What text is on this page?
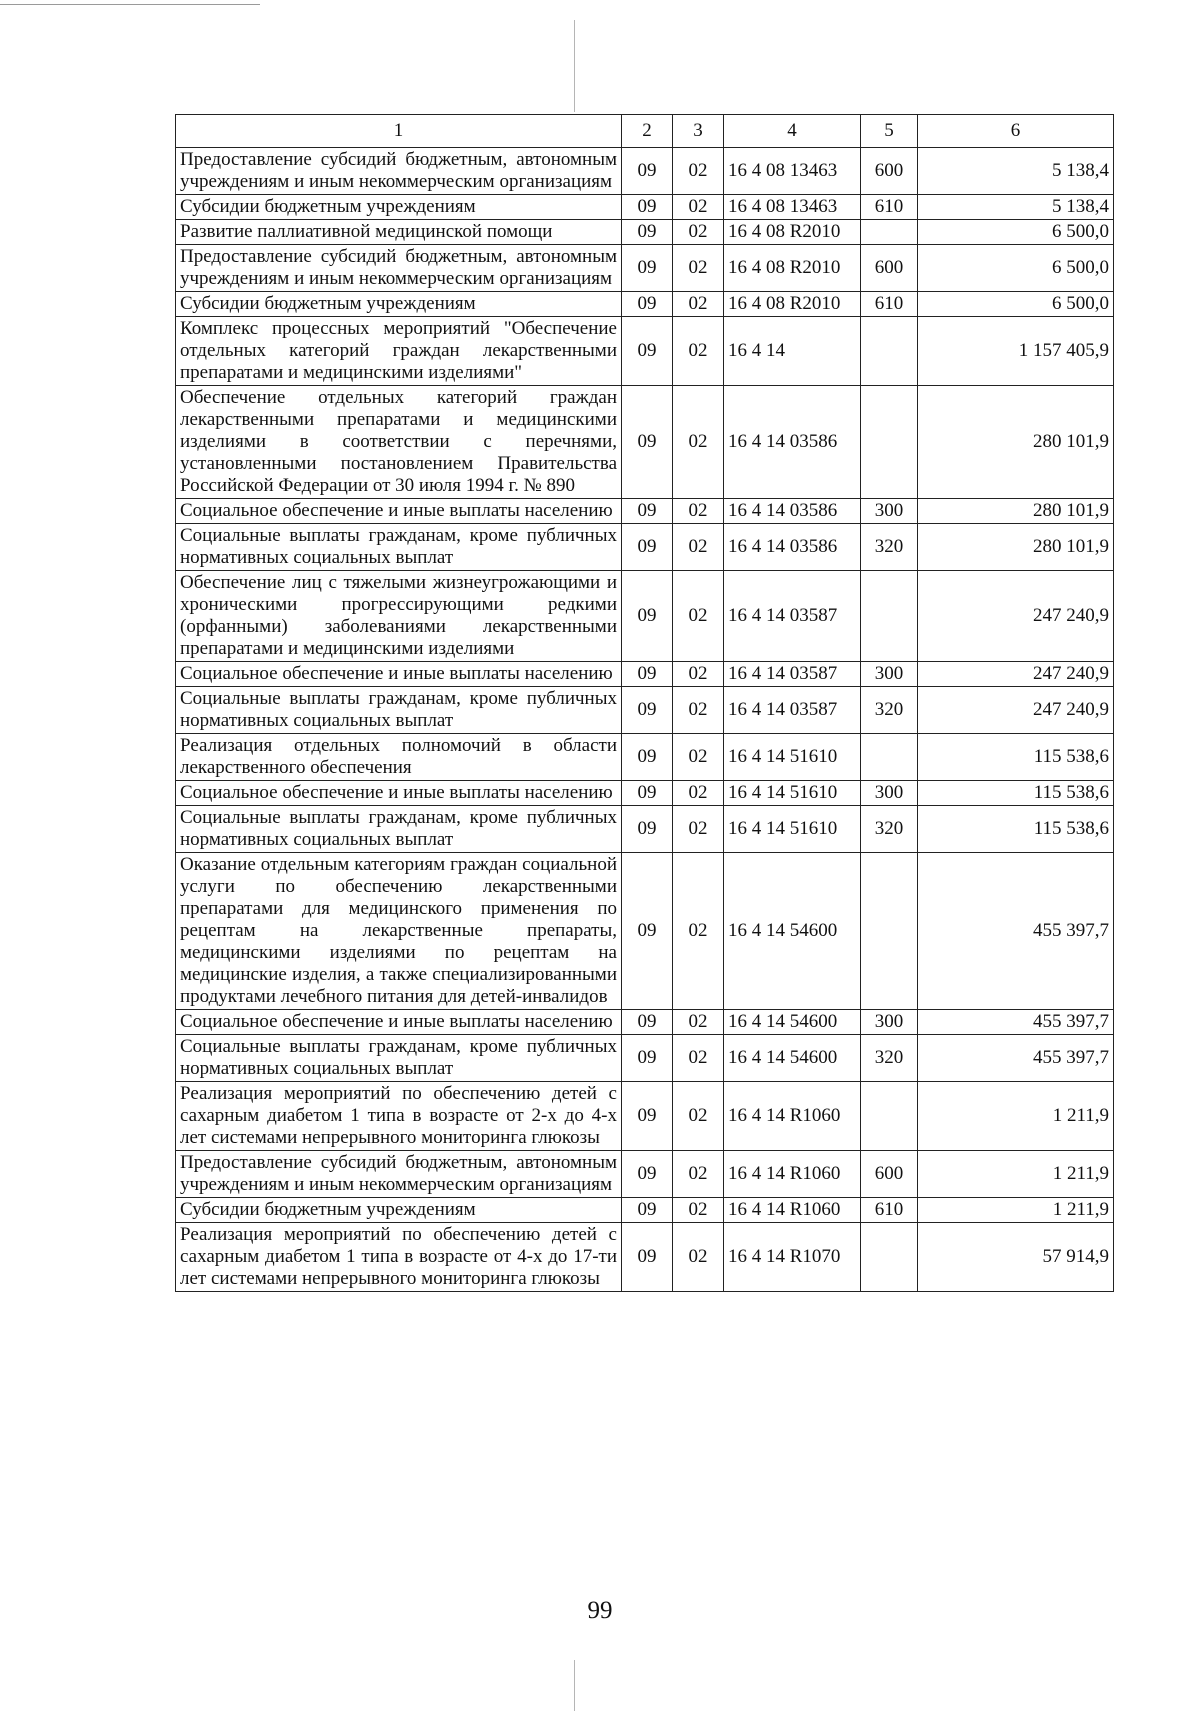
1	2	3	4	5	6
Предоставление субсидий бюджетным, автономным учреждениям и иным некоммерческим организациям	09	02	16 4 08 13463	600	5 138,4
Субсидии бюджетным учреждениям	09	02	16 4 08 13463	610	5 138,4
Развитие паллиативной медицинской помощи	09	02	16 4 08 R2010		6 500,0
Предоставление субсидий бюджетным, автономным учреждениям и иным некоммерческим организациям	09	02	16 4 08 R2010	600	6 500,0
Субсидии бюджетным учреждениям	09	02	16 4 08 R2010	610	6 500,0
Комплекс процессных мероприятий "Обеспечение отдельных категорий граждан лекарственными препаратами и медицинскими изделиями"	09	02	16 4 14		1 157 405,9
Обеспечение отдельных категорий граждан лекарственными препаратами и медицинскими изделиями в соответствии с перечнями, установленными постановлением Правительства Российской Федерации от 30 июля 1994 г. № 890	09	02	16 4 14 03586		280 101,9
Социальное обеспечение и иные выплаты населению	09	02	16 4 14 03586	300	280 101,9
Социальные выплаты гражданам, кроме публичных нормативных социальных выплат	09	02	16 4 14 03586	320	280 101,9
Обеспечение лиц с тяжелыми жизнеугрожающими и хроническими прогрессирующими редкими (орфанными) заболеваниями лекарственными препаратами и медицинскими изделиями	09	02	16 4 14 03587		247 240,9
Социальное обеспечение и иные выплаты населению	09	02	16 4 14 03587	300	247 240,9
Социальные выплаты гражданам, кроме публичных нормативных социальных выплат	09	02	16 4 14 03587	320	247 240,9
Реализация отдельных полномочий в области лекарственного обеспечения	09	02	16 4 14 51610		115 538,6
Социальное обеспечение и иные выплаты населению	09	02	16 4 14 51610	300	115 538,6
Социальные выплаты гражданам, кроме публичных нормативных социальных выплат	09	02	16 4 14 51610	320	115 538,6
Оказание отдельным категориям граждан социальной услуги по обеспечению лекарственными препаратами для медицинского применения по рецептам на лекарственные препараты, медицинскими изделиями по рецептам на медицинские изделия, а также специализированными продуктами лечебного питания для детей-инвалидов	09	02	16 4 14 54600		455 397,7
Социальное обеспечение и иные выплаты населению	09	02	16 4 14 54600	300	455 397,7
Социальные выплаты гражданам, кроме публичных нормативных социальных выплат	09	02	16 4 14 54600	320	455 397,7
Реализация мероприятий по обеспечению детей с сахарным диабетом 1 типа в возрасте от 2-х до 4-х лет системами непрерывного мониторинга глюкозы	09	02	16 4 14 R1060		1 211,9
Предоставление субсидий бюджетным, автономным учреждениям и иным некоммерческим организациям	09	02	16 4 14 R1060	600	1 211,9
Субсидии бюджетным учреждениям	09	02	16 4 14 R1060	610	1 211,9
Реализация мероприятий по обеспечению детей с сахарным диабетом 1 типа в возрасте от 4-х до 17-ти лет системами непрерывного мониторинга глюкозы	09	02	16 4 14 R1070		57 914,9
99
